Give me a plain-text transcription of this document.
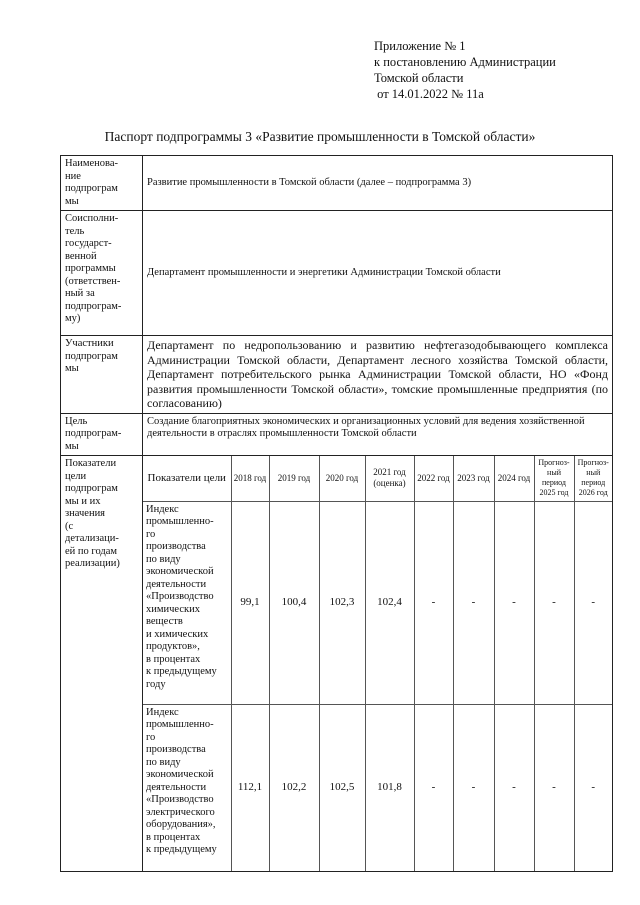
Приложение № 1
к постановлению Администрации
Томской области
от 14.01.2022 № 11а
Паспорт подпрограммы 3 «Развитие промышленности в Томской области»
Наименова-
ние
подпрограм
мы	Развитие промышленности в Томской области (далее – подпрограмма 3)
Соисполни-
тель
государст-
венной
программы
(ответствен-
ный за
подпрограм-
му)	Департамент промышленности и энергетики Администрации Томской области
Участники
подпрограм
мы	Департамент по недропользованию и развитию нефтегазодобывающего комплекса Администрации Томской области, Департамент лесного хозяйства Томской области, Департамент потребительского рынка Администрации Томской области, НО «Фонд развития промышленности Томской области», томские промышленные предприятия (по согласованию)
Цель
подпрограм-
мы	Создание благоприятных экономических и организационных условий для ведения хозяйственной деятельности в отраслях промышленности Томской области
Показатели
цели
подпрограм
мы и их
значения
(с
детализаци-
ей по годам
реализации)	
Показатели цели	2018 год	2019 год	2020 год	2021 год (оценка)	2022 год	2023 год	2024 год	Прогноз-ный период 2025 год	Прогноз-ный период 2026 год
Индекс
промышленно-
го
производства
по виду
экономической
деятельности
«Производство
химических
веществ
и химических
продуктов»,
в процентах
к предыдущему
году	99,1	100,4	102,3	102,4	-	-	-	-	-
Индекс
промышленно-
го
производства
по виду
экономической
деятельности
«Производство
электрического
оборудования»,
в процентах
к предыдущему	112,1	102,2	102,5	101,8	-	-	-	-	-
